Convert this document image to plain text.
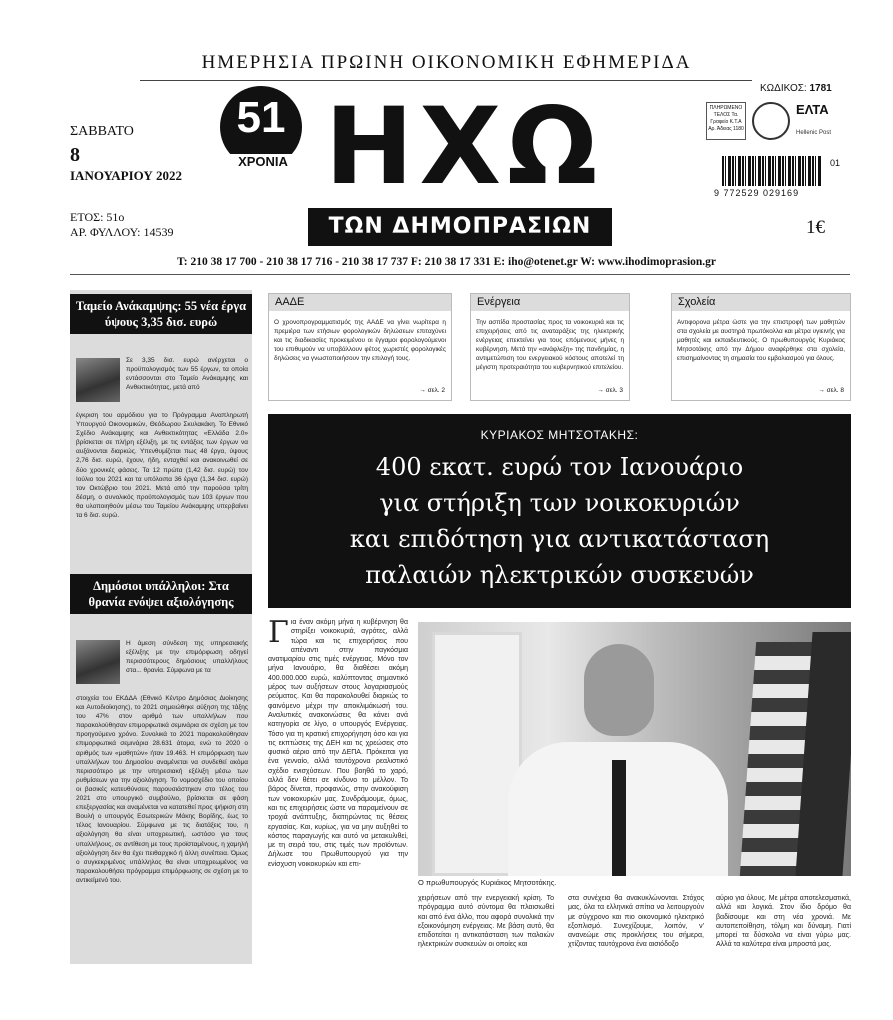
ΗΜΕΡΗΣΙΑ ΠΡΩΙΝΗ ΟΙΚΟΝΟΜΙΚΗ ΕΦΗΜΕΡΙΔΑ
ΣΑΒΒΑΤΟ
8
ΙΑΝΟΥΑΡΙΟΥ 2022
ΕΤΟΣ: 51ο
ΑΡ. ΦΥΛΛΟΥ: 14539
51
ΧΡΟΝΙΑ ΗΧΩ
ΤΩΝ ΔΗΜΟΠΡΑΣΙΩΝ
ΚΩΔΙΚΟΣ: 1781
ΠΛΗΡΩΜΕΝΟ ΤΕΛΟΣ Τα. Γραφείο Κ.Τ.Α Αρ. Άδειας 1180
ΕΛΤΑ
Hellenic Post
9 772529 029169
01
1€
T: 210 38 17 700 - 210 38 17 716 - 210 38 17 737 F: 210 38 17 331 E: iho@otenet.gr W: www.ihodimoprasion.gr
Ταμείο Ανάκαμψης: 55 νέα έργα ύψους 3,35 δισ. ευρώ
Σε 3,35 δισ. ευρώ ανέρχεται ο προϋπολογισμός των 55 έργων, τα οποία εντάσσονται στο Ταμείο Ανάκαμψης και Ανθεκτικότητας, μετά από
έγκριση του αρμόδιου για το Πρόγραμμα Αναπληρωτή Υπουργού Οικονομικών, Θεόδωρου Σκυλακάκη. Το Εθνικό Σχέδιο Ανάκαμψης και Ανθεκτικότητας «Ελλάδα 2.0» βρίσκεται σε πλήρη εξέλιξη, με τις εντάξεις των έργων να αυξάνονται διαρκώς. Υπενθυμίζεται πως 48 έργα, ύψους 2,76 δισ. ευρώ, έχουν, ήδη, ενταχθεί και ανακοινωθεί σε δύο χρονικές φάσεις. Τα 12 πρώτα (1,42 δισ. ευρώ) τον Ιούλιο του 2021 και τα υπόλοιπα 36 έργα (1,34 δισ. ευρώ) τον Οκτώβριο του 2021. Μετά από την παρούσα τρίτη δέσμη, ο συνολικός προϋπολογισμός των 103 έργων που θα υλοποιηθούν μέσω του Ταμείου Ανάκαμψης υπερβαίνει τα 6 δισ. ευρώ.
Δημόσιοι υπάλληλοι: Στα θρανία ενόψει αξιολόγησης
Η άμεση σύνδεση της υπηρεσιακής εξέλιξης με την επιμόρφωση οδηγεί περισσότερους δημόσιους υπαλλήλους στα... θρανία. Σύμφωνα με τα
στοιχεία του ΕΚΔΔΑ (Εθνικό Κέντρο Δημόσιας Διοίκησης και Αυτοδιοίκησης), το 2021 σημειώθηκε αύξηση της τάξης του 47% στον αριθμό των υπαλλήλων που παρακολούθησαν επιμορφωτικά σεμινάρια σε σχέση με τον προηγούμενο χρόνο. Συνολικά το 2021 παρακολούθησαν επιμορφωτικά σεμινάρια 28.631 άτομα, ενώ το 2020 ο αριθμός των «μαθητών» ήταν 19.463. Η επιμόρφωση των υπαλλήλων του Δημοσίου αναμένεται να συνδεθεί ακόμα περισσότερο με την υπηρεσιακή εξέλιξη μέσω των ρυθμίσεων για την αξιολόγηση. Το νομοσχέδιο του οποίου οι βασικές κατευθύνσεις παρουσιάστηκαν στο τέλος του 2021 στο υπουργικό συμβούλιο, βρίσκεται σε φάση επεξεργασίας και αναμένεται να κατατεθεί προς ψήφιση στη Βουλή ο υπουργός Εσωτερικών Μάκης Βορίδης, έως το τέλος Ιανουαρίου. Σύμφωνα με τις διατάξεις του, η αξιολόγηση θα είναι υποχρεωτική, ωστόσο για τους υπαλλήλους, σε αντίθεση με τους προϊσταμένους, η χαμηλή αξιολόγηση δεν θα έχει πειθαρχικό ή άλλη συνέπεια. Όμως ο συγκεκριμένος υπάλληλος θα είναι υποχρεωμένος να παρακολουθήσει πρόγραμμα επιμόρφωσης σε σχέση με το αντικείμενό του.
ΑΑΔΕ
Ο χρονοπρογραμματισμός της ΑΑΔΕ να γίνει νωρίτερα η πρεμιέρα των ετήσιων φορολογικών δηλώσεων επιταχύνει και τις διαδικασίες προκειμένου οι έγγαμοι φορολογούμενοι του επιθυμούν να υποβάλλουν φέτος χωριστές φορολογικές δηλώσεις να γνωστοποιήσουν την επιλογή τους.
→ σελ. 2
Ενέργεια
Την ασπίδα προστασίας προς τα νοικοκυριά και τις επιχειρήσεις από τις αναταράξεις της ηλεκτρικής ενέργειας επεκτείνει για τους επόμενους μήνες η κυβέρνηση. Μετά την «ανάφλεξη» της πανδημίας, η αντιμετώπιση του ενεργειακού κόστους αποτελεί τη μέγιστη προτεραιότητα του κυβερνητικού επιτελείου.
→ σελ. 3
Σχολεία
Αντιφορονα μέτρα ώστε για την επιστροφή των μαθητών στα σχολεία με αυστηρά πρωτόκολλα και μέτρα υγιεινής για μαθητές και εκπαιδευτικούς. Ο πρωθυπουργός Κυριάκος Μητσοτάκης από την Δήμου αναφέρθηκε στα σχολεία, επισημαίνοντας τη σημασία του εμβολιασμού για όλους.
→ σελ. 8
ΚΥΡΙΑΚΟΣ ΜΗΤΣΟΤΑΚΗΣ:
400 εκατ. ευρώ τον Ιανουάριο
για στήριξη των νοικοκυριών
και επιδότηση για αντικατάσταση
παλαιών ηλεκτρικών συσκευών
Γ ια έναν ακόμη μήνα η κυβέρνηση θα στηρίξει νοικοκυριά, αγρότες, αλλά τώρα και τις επιχειρήσεις που απέναντι στην παγκόσμια ανατιμαρίου στις τιμές ενέργειας. Μόνο τον μήνα Ιανουάριο, θα διαθέσει ακόμη 400.000.000 ευρώ, καλύπτοντας σημαντικό μέρος των αυξήσεων στους λογαριασμούς ρεύματος. Και θα παρακολουθεί διαρκώς το φαινόμενο μέχρι την αποκλιμάκωσή του. Αναλυτικές ανακοινώσεις θα κάνει ανά κατηγορία σε λίγο, ο υπουργός Ενέργειας. Τόσο για τη κρατική επιχορήγηση όσο και για τις εκπτώσεις της ΔΕΗ και τις χρεώσεις στο φυσικό αέριο από την ΔΕΠΑ. Πρόκειται για ένα γενναίο, αλλά ταυτόχρονα ρεαλιστικό σχέδιο ενισχύσεων. Που βοηθά το χαρό, αλλά δεν θέτει σε κίνδυνο το μέλλον. Το βάρος δίνεται, προφανώς, στην ανακούφιση των νοικοκυριών μας. Συνδράμουμε, όμως, και τις επιχειρήσεις ώστε να παραμείνουν σε τροχιά ανάπτυξης, διατηρώντας τις θέσεις εργασίας. Και, κυρίως, για να μην αυξηθεί το κόστος παραγωγής και αυτό να μετακυλιθεί, με τη σειρά του, στις τιμές των προϊόντων. Δήλωσε του Πρωθυπουργού για την ενίσχυση νοικοκυριών και επι-
Ο πρωθυπουργός Κυριάκος Μητσοτάκης.
χειρήσεων από την ενεργειακή κρίση. Το πρόγραμμα αυτό σύντομα θα πλαισιωθεί και από ένα άλλο, που αφορά συνολικά την εξοικονόμηση ενέργειας. Με βάση αυτό, θα επιδοτείται η αντικατάσταση των παλαιών ηλεκτρικών συσκευών οι οποίες και
στα συνέχεια θα ανακυκλώνονται. Στόχος μας, όλα τα ελληνικά σπίτια να λειτουργούν με σύγχρονο και πιο οικονομικό ηλεκτρικό εξοπλισμό. Συνεχίζουμε, λοιπόν, ν' ανανεώμε στις προκλήσεις του σήμερα, χτίζοντας ταυτόχρονα ένα αισιόδοξο
αύριο για όλους. Με μέτρα αποτελεσματικά, αλλά και λογικά. Στον ίδιο δρόμο θα βαδίσουμε και στη νέα χρονιά. Με αυτοπεποίθηση, τόλμη και δύναμη. Γιατί μπορεί τα δύσκολα να είναι γύρω μας. Αλλά τα καλύτερα είναι μπροστά μας.
